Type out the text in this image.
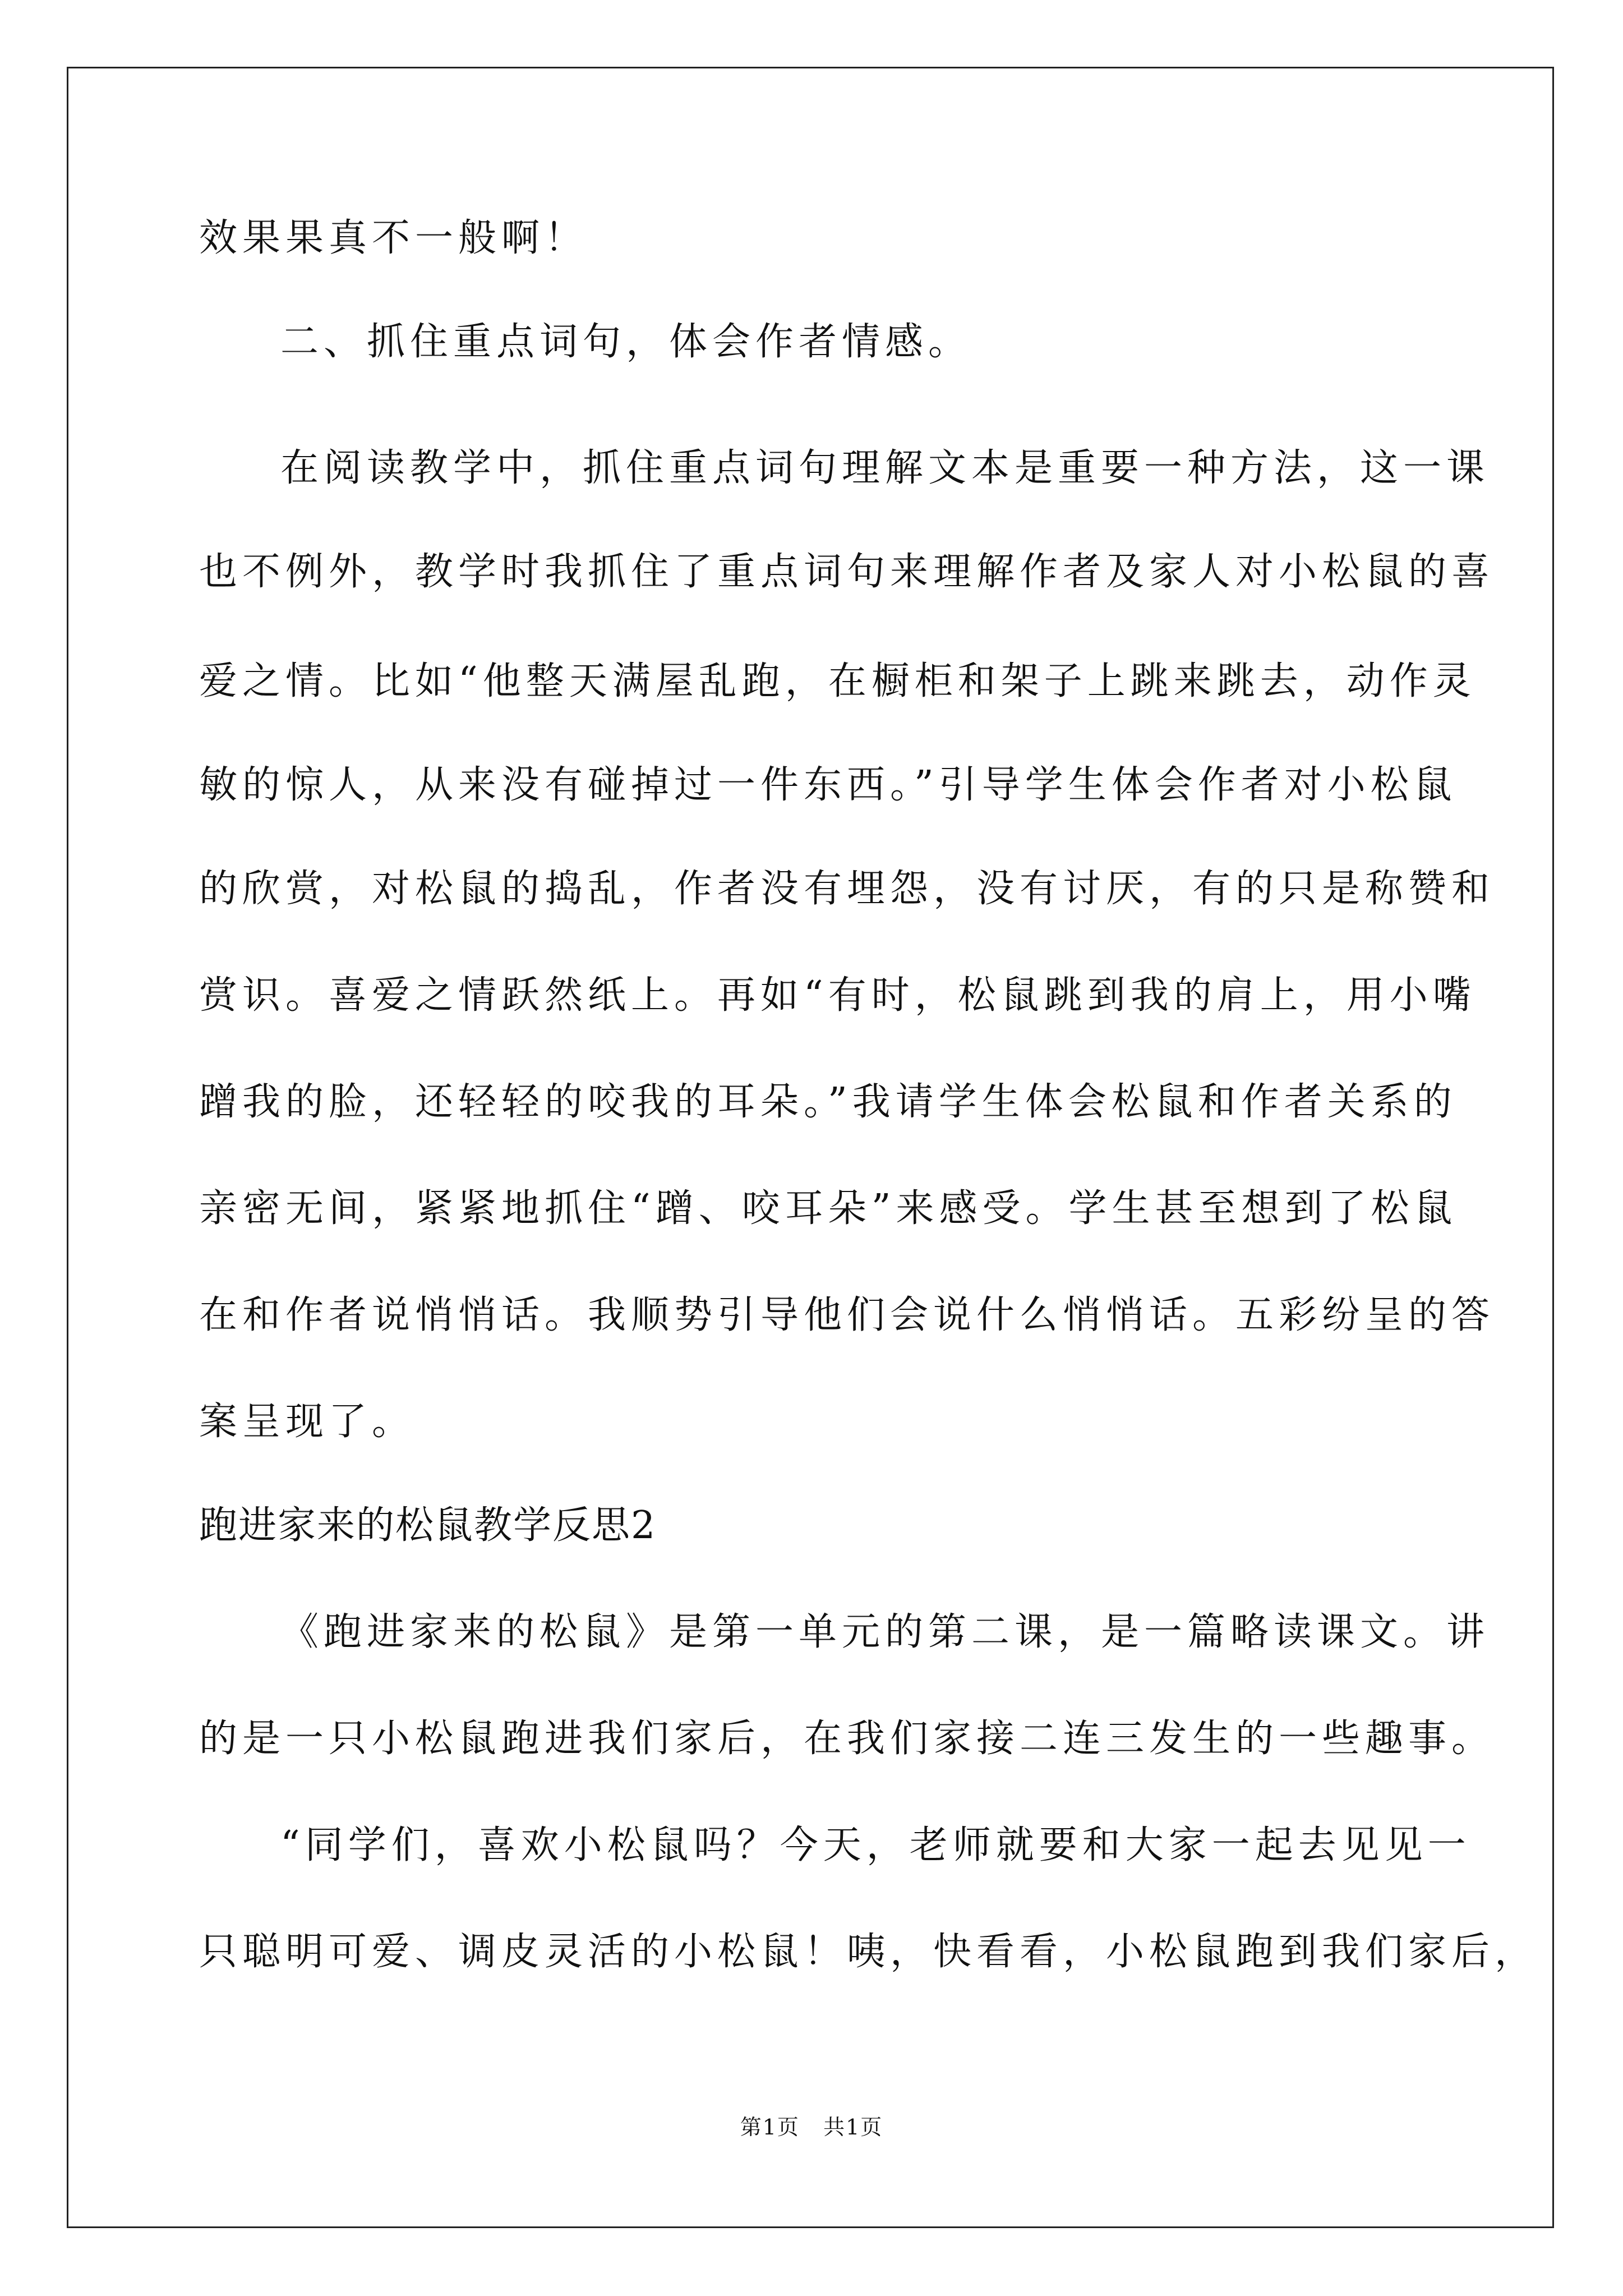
效果果真不一般啊！

二、抓住重点词句，体会作者情感。

在阅读教学中，抓住重点词句理解文本是重要一种方法，这一课

也不例外，教学时我抓住了重点词句来理解作者及家人对小松鼠的喜

爱之情。比如“他整天满屋乱跑，在橱柜和架子上跳来跳去，动作灵

敏的惊人，从来没有碰掉过一件东西。”引导学生体会作者对小松鼠

的欣赏，对松鼠的捣乱，作者没有埋怨，没有讨厌，有的只是称赞和

赏识。喜爱之情跃然纸上。再如“有时，松鼠跳到我的肩上，用小嘴

蹭我的脸，还轻轻的咬我的耳朵。”我请学生体会松鼠和作者关系的

亲密无间，紧紧地抓住“蹭、咬耳朵”来感受。学生甚至想到了松鼠

在和作者说悄悄话。我顺势引导他们会说什么悄悄话。五彩纷呈的答

案呈现了。

跑进家来的松鼠教学反思2

《跑进家来的松鼠》是第一单元的第二课，是一篇略读课文。讲

的是一只小松鼠跑进我们家后，在我们家接二连三发生的一些趣事。

“同学们，喜欢小松鼠吗？今天，老师就要和大家一起去见见一

只聪明可爱、调皮灵活的小松鼠！咦，快看看，小松鼠跑到我们家后，

第1页   共1页
